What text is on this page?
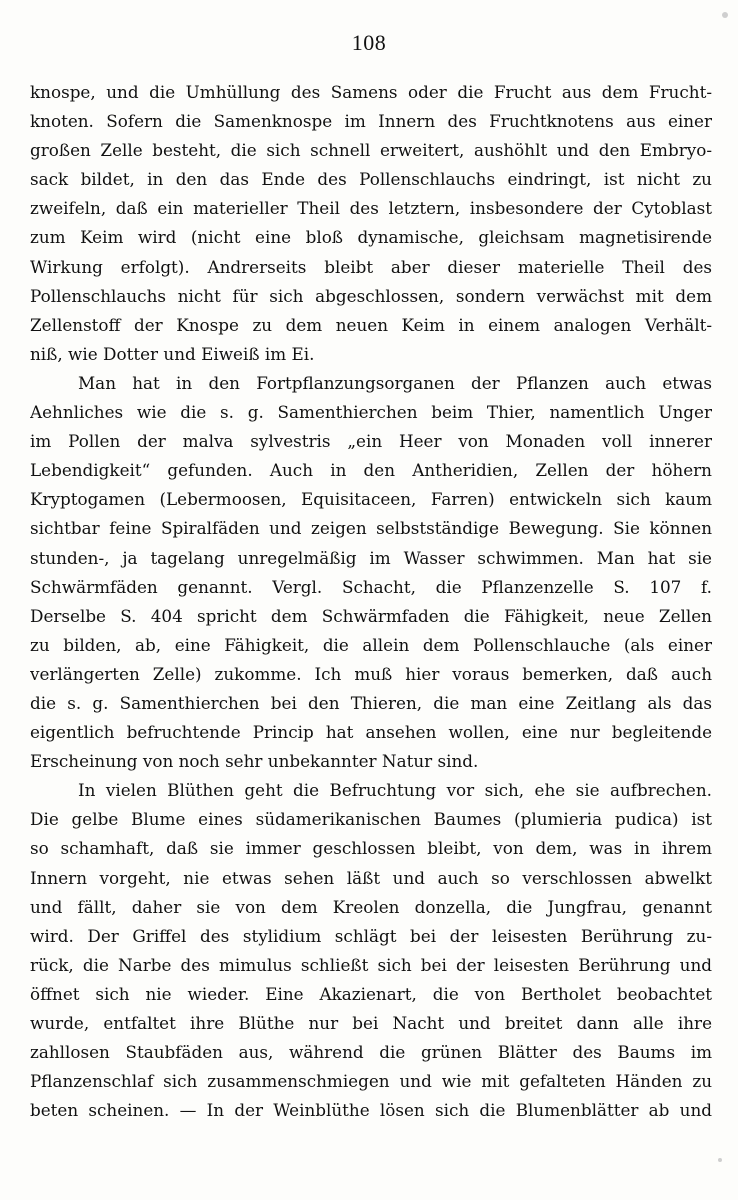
108
knospe, und die Umhüllung des Samens oder die Frucht aus dem Frucht-
knoten. Sofern die Samenknospe im Innern des Fruchtknotens aus einer
großen Zelle besteht, die sich schnell erweitert, aushöhlt und den Embryo-
sack bildet, in den das Ende des Pollenschlauchs eindringt, ist nicht zu
zweifeln, daß ein materieller Theil des letztern, insbesondere der Cytoblast
zum Keim wird (nicht eine bloß dynamische, gleichsam magnetisirende
Wirkung erfolgt). Andrerseits bleibt aber dieser materielle Theil des
Pollenschlauchs nicht für sich abgeschlossen, sondern verwächst mit dem
Zellenstoff der Knospe zu dem neuen Keim in einem analogen Verhält-
niß, wie Dotter und Eiweiß im Ei.
Man hat in den Fortpflanzungsorganen der Pflanzen auch etwas
Aehnliches wie die s. g. Samenthierchen beim Thier, namentlich Unger
im Pollen der malva sylvestris „ein Heer von Monaden voll innerer
Lebendigkeit“ gefunden. Auch in den Antheridien, Zellen der höhern
Kryptogamen (Lebermoosen, Equisitaceen, Farren) entwickeln sich kaum
sichtbar feine Spiralfäden und zeigen selbstständige Bewegung. Sie können
stunden-, ja tagelang unregelmäßig im Wasser schwimmen. Man hat sie
Schwärmfäden genannt. Vergl. Schacht, die Pflanzenzelle S. 107 f.
Derselbe S. 404 spricht dem Schwärmfaden die Fähigkeit, neue Zellen
zu bilden, ab, eine Fähigkeit, die allein dem Pollenschlauche (als einer
verlängerten Zelle) zukomme. Ich muß hier voraus bemerken, daß auch
die s. g. Samenthierchen bei den Thieren, die man eine Zeitlang als das
eigentlich befruchtende Princip hat ansehen wollen, eine nur begleitende
Erscheinung von noch sehr unbekannter Natur sind.
In vielen Blüthen geht die Befruchtung vor sich, ehe sie aufbrechen.
Die gelbe Blume eines südamerikanischen Baumes (plumieria pudica) ist
so schamhaft, daß sie immer geschlossen bleibt, von dem, was in ihrem
Innern vorgeht, nie etwas sehen läßt und auch so verschlossen abwelkt
und fällt, daher sie von dem Kreolen donzella, die Jungfrau, genannt
wird. Der Griffel des stylidium schlägt bei der leisesten Berührung zu-
rück, die Narbe des mimulus schließt sich bei der leisesten Berührung und
öffnet sich nie wieder. Eine Akazienart, die von Bertholet beobachtet
wurde, entfaltet ihre Blüthe nur bei Nacht und breitet dann alle ihre
zahllosen Staubfäden aus, während die grünen Blätter des Baums im
Pflanzenschlaf sich zusammenschmiegen und wie mit gefalteten Händen zu
beten scheinen. — In der Weinblüthe lösen sich die Blumenblätter ab und
